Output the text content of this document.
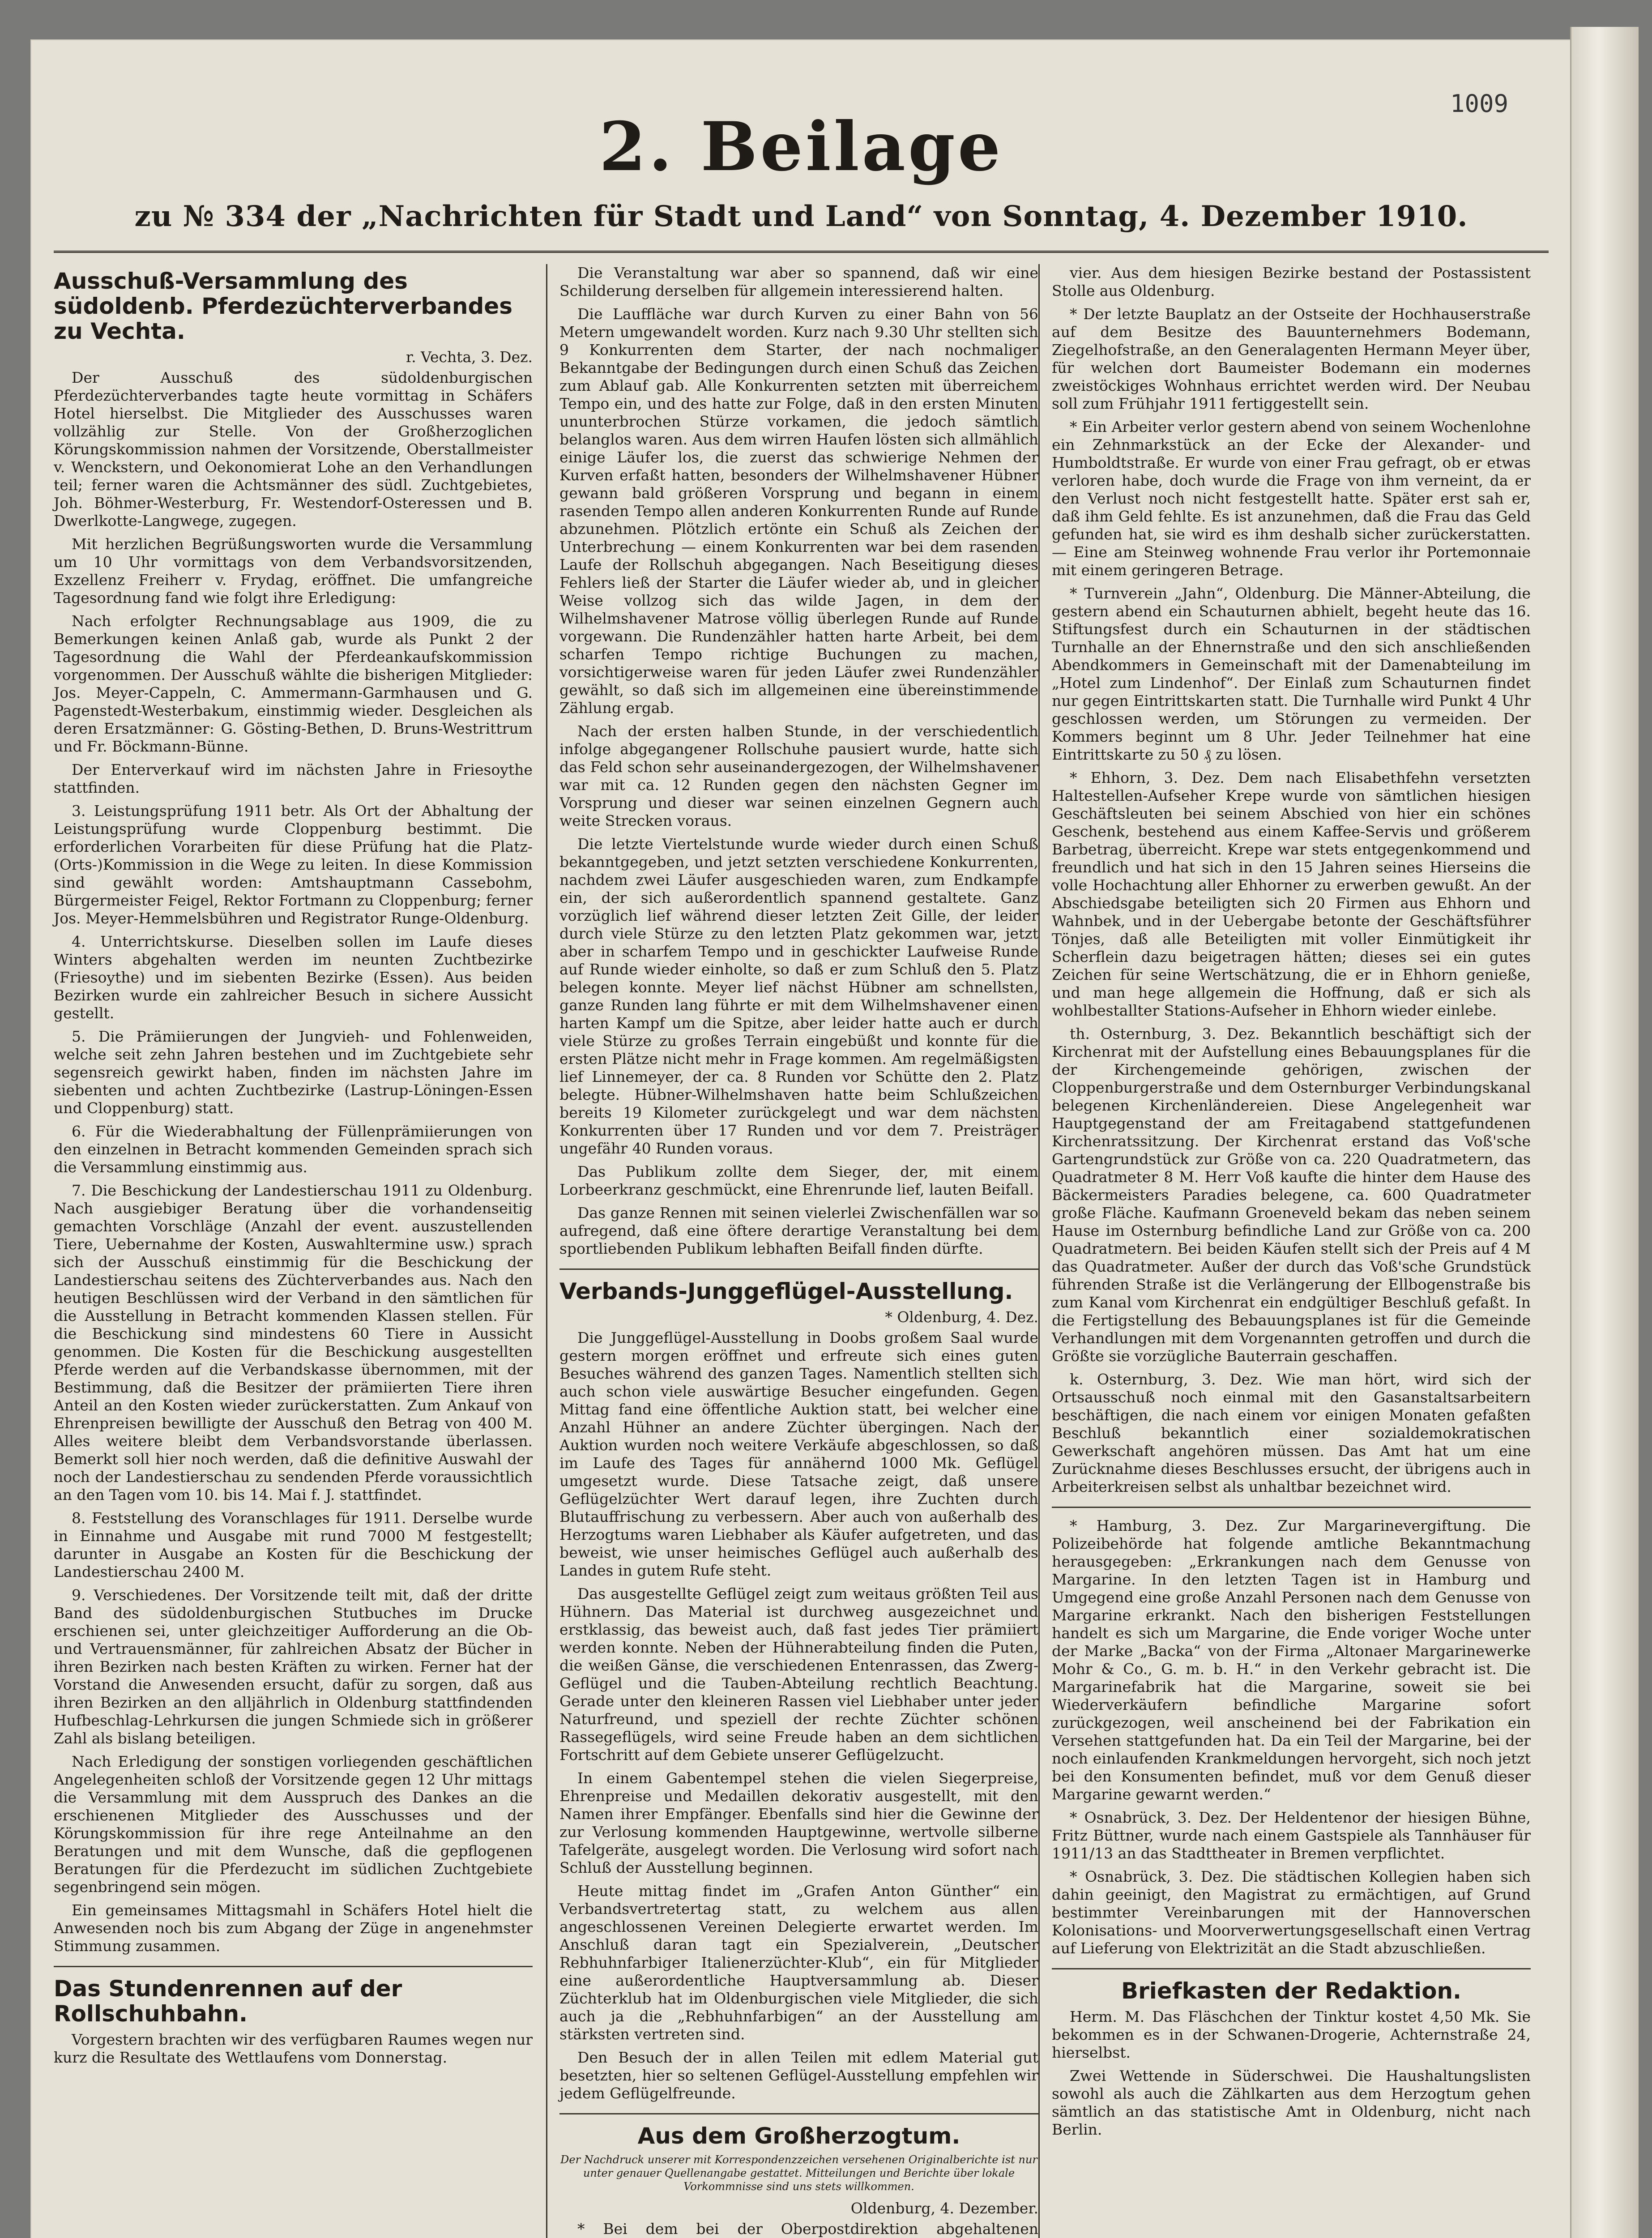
1009
2. Beilage
zu № 334 der „Nachrichten für Stadt und Land“ von Sonntag, 4. Dezember 1910.
Ausschuß-Versammlung des südoldenb. Pferdezüchterverbandes zu Vechta.
r. Vechta, 3. Dez.

Der Ausschuß des südoldenburgischen Pferdezüchterverbandes tagte heute vormittag in Schäfers Hotel hierselbst. Die Mitglieder des Ausschusses waren vollzählig zur Stelle. Von der Großherzoglichen Körungskommission nahmen der Vorsitzende, Oberstallmeister v. Wenckstern, und Oekonomierat Lohe an den Verhandlungen teil; ferner waren die Achtsmänner des südl. Zuchtgebietes, Joh. Böhmer-Westerburg, Fr. Westendorf-Osteressen und B. Dwerlkotte-Langwege, zugegen.

Mit herzlichen Begrüßungsworten wurde die Versammlung um 10 Uhr vormittags von dem Verbandsvorsitzenden, Exzellenz Freiherr v. Frydag, eröffnet. Die umfangreiche Tagesordnung fand wie folgt ihre Erledigung:

Nach erfolgter Rechnungsablage aus 1909, die zu Bemerkungen keinen Anlaß gab, wurde als Punkt 2 der Tagesordnung die Wahl der Pferdeankaufskommission vorgenommen. Der Ausschuß wählte die bisherigen Mitglieder: Jos. Meyer-Cappeln, C. Ammermann-Garmhausen und G. Pagenstedt-Westerbakum, einstimmig wieder. Desgleichen als deren Ersatzmänner: G. Gösting-Bethen, D. Bruns-Westrittrum und Fr. Böckmann-Bünne.

Der Enterverkauf wird im nächsten Jahre in Friesoythe stattfinden.

3. Leistungsprüfung 1911 betr. Als Ort der Abhaltung der Leistungsprüfung wurde Cloppenburg bestimmt. Die erforderlichen Vorarbeiten für diese Prüfung hat die Platz-(Orts-)Kommission in die Wege zu leiten. In diese Kommission sind gewählt worden: Amtshauptmann Cassebohm, Bürgermeister Feigel, Rektor Fortmann zu Cloppenburg; ferner Jos. Meyer-Hemmelsbühren und Registrator Runge-Oldenburg.

4. Unterrichtskurse. Dieselben sollen im Laufe dieses Winters abgehalten werden im neunten Zuchtbezirke (Friesoythe) und im siebenten Bezirke (Essen). Aus beiden Bezirken wurde ein zahlreicher Besuch in sichere Aussicht gestellt.

5. Die Prämiierungen der Jungvieh- und Fohlenweiden, welche seit zehn Jahren bestehen und im Zuchtgebiete sehr segensreich gewirkt haben, finden im nächsten Jahre im siebenten und achten Zuchtbezirke (Lastrup-Löningen-Essen und Cloppenburg) statt.

6. Für die Wiederabhaltung der Füllenprämiierungen von den einzelnen in Betracht kommenden Gemeinden sprach sich die Versammlung einstimmig aus.

7. Die Beschickung der Landestierschau 1911 zu Oldenburg. Nach ausgiebiger Beratung über die vorhandenseitig gemachten Vorschläge (Anzahl der event. auszustellenden Tiere, Uebernahme der Kosten, Auswahltermine usw.) sprach sich der Ausschuß einstimmig für die Beschickung der Landestierschau seitens des Züchterverbandes aus. Nach den heutigen Beschlüssen wird der Verband in den sämtlichen für die Ausstellung in Betracht kommenden Klassen stellen. Für die Beschickung sind mindestens 60 Tiere in Aussicht genommen. Die Kosten für die Beschickung ausgestellten Pferde werden auf die Verbandskasse übernommen, mit der Bestimmung, daß die Besitzer der prämiierten Tiere ihren Anteil an den Kosten wieder zurückerstatten. Zum Ankauf von Ehrenpreisen bewilligte der Ausschuß den Betrag von 400 M. Alles weitere bleibt dem Verbandsvorstande überlassen. Bemerkt soll hier noch werden, daß die definitive Auswahl der noch der Landestierschau zu sendenden Pferde voraussichtlich an den Tagen vom 10. bis 14. Mai f. J. stattfindet.

8. Feststellung des Voranschlages für 1911. Derselbe wurde in Einnahme und Ausgabe mit rund 7000 M festgestellt; darunter in Ausgabe an Kosten für die Beschickung der Landestierschau 2400 M.

9. Verschiedenes. Der Vorsitzende teilt mit, daß der dritte Band des südoldenburgischen Stutbuches im Drucke erschienen sei, unter gleichzeitiger Aufforderung an die Ob- und Vertrauensmänner, für zahlreichen Absatz der Bücher in ihren Bezirken nach besten Kräften zu wirken. Ferner hat der Vorstand die Anwesenden ersucht, dafür zu sorgen, daß aus ihren Bezirken an den alljährlich in Oldenburg stattfindenden Hufbeschlag-Lehrkursen die jungen Schmiede sich in größerer Zahl als bislang beteiligen.

Nach Erledigung der sonstigen vorliegenden geschäftlichen Angelegenheiten schloß der Vorsitzende gegen 12 Uhr mittags die Versammlung mit dem Ausspruch des Dankes an die erschienenen Mitglieder des Ausschusses und der Körungskommission für ihre rege Anteilnahme an den Beratungen und mit dem Wunsche, daß die gepflogenen Beratungen für die Pferdezucht im südlichen Zuchtgebiete segenbringend sein mögen.

Ein gemeinsames Mittagsmahl in Schäfers Hotel hielt die Anwesenden noch bis zum Abgang der Züge in angenehmster Stimmung zusammen.

Das Stundenrennen auf der Rollschuhbahn.

Vorgestern brachten wir des verfügbaren Raumes wegen nur kurz die Resultate des Wettlaufens vom Donnerstag.

Die Veranstaltung war aber so spannend, daß wir eine Schilderung derselben für allgemein interessierend halten.

Die Lauffläche war durch Kurven zu einer Bahn von 56 Metern umgewandelt worden. Kurz nach 9.30 Uhr stellten sich 9 Konkurrenten dem Starter, der nach nochmaliger Bekanntgabe der Bedingungen durch einen Schuß das Zeichen zum Ablauf gab. Alle Konkurrenten setzten mit überreichem Tempo ein, und des hatte zur Folge, daß in den ersten Minuten ununterbrochen Stürze vorkamen, die jedoch sämtlich belanglos waren. Aus dem wirren Haufen lösten sich allmählich einige Läufer los, die zuerst das schwierige Nehmen der Kurven erfaßt hatten, besonders der Wilhelmshavener Hübner gewann bald größeren Vorsprung und begann in einem rasenden Tempo allen anderen Konkurrenten Runde auf Runde abzunehmen. Plötzlich ertönte ein Schuß als Zeichen der Unterbrechung — einem Konkurrenten war bei dem rasenden Laufe der Rollschuh abgegangen. Nach Beseitigung dieses Fehlers ließ der Starter die Läufer wieder ab, und in gleicher Weise vollzog sich das wilde Jagen, in dem der Wilhelmshavener Matrose völlig überlegen Runde auf Runde vorgewann. Die Rundenzähler hatten harte Arbeit, bei dem scharfen Tempo richtige Buchungen zu machen, vorsichtigerweise waren für jeden Läufer zwei Rundenzähler gewählt, so daß sich im allgemeinen eine übereinstimmende Zählung ergab.

Nach der ersten halben Stunde, in der verschiedentlich infolge abgegangener Rollschuhe pausiert wurde, hatte sich das Feld schon sehr auseinandergezogen, der Wilhelmshavener war mit ca. 12 Runden gegen den nächsten Gegner im Vorsprung und dieser war seinen einzelnen Gegnern auch weite Strecken voraus.

Die letzte Viertelstunde wurde wieder durch einen Schuß bekanntgegeben, und jetzt setzten verschiedene Konkurrenten, nachdem zwei Läufer ausgeschieden waren, zum Endkampfe ein, der sich außerordentlich spannend gestaltete. Ganz vorzüglich lief während dieser letzten Zeit Gille, der leider durch viele Stürze zu den letzten Platz gekommen war, jetzt aber in scharfem Tempo und in geschickter Laufweise Runde auf Runde wieder einholte, so daß er zum Schluß den 5. Platz belegen konnte. Meyer lief nächst Hübner am schnellsten, ganze Runden lang führte er mit dem Wilhelmshavener einen harten Kampf um die Spitze, aber leider hatte auch er durch viele Stürze zu großes Terrain eingebüßt und konnte für die ersten Plätze nicht mehr in Frage kommen. Am regelmäßigsten lief Linnemeyer, der ca. 8 Runden vor Schütte den 2. Platz belegte. Hübner-Wilhelmshaven hatte beim Schlußzeichen bereits 19 Kilometer zurückgelegt und war dem nächsten Konkurrenten über 17 Runden und vor dem 7. Preisträger ungefähr 40 Runden voraus.

Das Publikum zollte dem Sieger, der, mit einem Lorbeerkranz geschmückt, eine Ehrenrunde lief, lauten Beifall.

Das ganze Rennen mit seinen vielerlei Zwischenfällen war so aufregend, daß eine öftere derartige Veranstaltung bei dem sportliebenden Publikum lebhaften Beifall finden dürfte.

Verbands-Junggeflügel-Ausstellung.
* Oldenburg, 4. Dez.

Die Junggeflügel-Ausstellung in Doobs großem Saal wurde gestern morgen eröffnet und erfreute sich eines guten Besuches während des ganzen Tages. Namentlich stellten sich auch schon viele auswärtige Besucher eingefunden. Gegen Mittag fand eine öffentliche Auktion statt, bei welcher eine Anzahl Hühner an andere Züchter übergingen. Nach der Auktion wurden noch weitere Verkäufe abgeschlossen, so daß im Laufe des Tages für annähernd 1000 Mk. Geflügel umgesetzt wurde. Diese Tatsache zeigt, daß unsere Geflügelzüchter Wert darauf legen, ihre Zuchten durch Blutauffrischung zu verbessern. Aber auch von außerhalb des Herzogtums waren Liebhaber als Käufer aufgetreten, und das beweist, wie unser heimisches Geflügel auch außerhalb des Landes in gutem Rufe steht.

Das ausgestellte Geflügel zeigt zum weitaus größten Teil aus Hühnern. Das Material ist durchweg ausgezeichnet und erstklassig, das beweist auch, daß fast jedes Tier prämiiert werden konnte. Neben der Hühnerabteilung finden die Puten, die weißen Gänse, die verschiedenen Entenrassen, das Zwerg-Geflügel und die Tauben-Abteilung rechtlich Beachtung. Gerade unter den kleineren Rassen viel Liebhaber unter jeder Naturfreund, und speziell der rechte Züchter schönen Rassegeflügels, wird seine Freude haben an dem sichtlichen Fortschritt auf dem Gebiete unserer Geflügelzucht.

In einem Gabentempel stehen die vielen Siegerpreise, Ehrenpreise und Medaillen dekorativ ausgestellt, mit den Namen ihrer Empfänger. Ebenfalls sind hier die Gewinne der zur Verlosung kommenden Hauptgewinne, wertvolle silberne Tafelgeräte, ausgelegt worden. Die Verlosung wird sofort nach Schluß der Ausstellung beginnen.

Heute mittag findet im „Grafen Anton Günther“ ein Verbandsvertretertag statt, zu welchem aus allen angeschlossenen Vereinen Delegierte erwartet werden. Im Anschluß daran tagt ein Spezialverein, „Deutscher Rebhuhnfarbiger Italienerzüchter-Klub“, ein für Mitglieder eine außerordentliche Hauptversammlung ab. Dieser Züchterklub hat im Oldenburgischen viele Mitglieder, die sich auch ja die „Rebhuhnfarbigen“ an der Ausstellung am stärksten vertreten sind.

Den Besuch der in allen Teilen mit edlem Material gut besetzten, hier so seltenen Geflügel-Ausstellung empfehlen wir jedem Geflügelfreunde.

Aus dem Großherzogtum.

Der Nachdruck unserer mit Korrespondenzzeichen versehenen Originalberichte ist nur unter genauer Quellenangabe gestattet. Mitteilungen und Berichte über lokale Vorkommnisse sind uns stets willkommen.

Oldenburg, 4. Dezember.

* Bei dem bei der Oberpostdirektion abgehaltenen

vier. Aus dem hiesigen Bezirke bestand der Postassistent Stolle aus Oldenburg.

* Der letzte Bauplatz an der Ostseite der Hochhauserstraße auf dem Besitze des Bauunternehmers Bodemann, Ziegelhofstraße, an den Generalagenten Hermann Meyer über, für welchen dort Baumeister Bodemann ein modernes zweistöckiges Wohnhaus errichtet werden wird. Der Neubau soll zum Frühjahr 1911 fertiggestellt sein.

* Ein Arbeiter verlor gestern abend von seinem Wochenlohne ein Zehnmarkstück an der Ecke der Alexander- und Humboldtstraße. Er wurde von einer Frau gefragt, ob er etwas verloren habe, doch wurde die Frage von ihm verneint, da er den Verlust noch nicht festgestellt hatte. Später erst sah er, daß ihm Geld fehlte. Es ist anzunehmen, daß die Frau das Geld gefunden hat, sie wird es ihm deshalb sicher zurückerstatten. — Eine am Steinweg wohnende Frau verlor ihr Portemonnaie mit einem geringeren Betrage.

* Turnverein „Jahn“, Oldenburg. Die Männer-Abteilung, die gestern abend ein Schauturnen abhielt, begeht heute das 16. Stiftungsfest durch ein Schauturnen in der städtischen Turnhalle an der Ehnernstraße und den sich anschließenden Abendkommers in Gemeinschaft mit der Damenabteilung im „Hotel zum Lindenhof“. Der Einlaß zum Schauturnen findet nur gegen Eintrittskarten statt. Die Turnhalle wird Punkt 4 Uhr geschlossen werden, um Störungen zu vermeiden. Der Kommers beginnt um 8 Uhr. Jeder Teilnehmer hat eine Eintrittskarte zu 50 ₰ zu lösen.

* Ehhorn, 3. Dez. Dem nach Elisabethfehn versetzten Haltestellen-Aufseher Krepe wurde von sämtlichen hiesigen Geschäftsleuten bei seinem Abschied von hier ein schönes Geschenk, bestehend aus einem Kaffee-Servis und größerem Barbetrag, überreicht. Krepe war stets entgegenkommend und freundlich und hat sich in den 15 Jahren seines Hierseins die volle Hochachtung aller Ehhorner zu erwerben gewußt. An der Abschiedsgabe beteiligten sich 20 Firmen aus Ehhorn und Wahnbek, und in der Uebergabe betonte der Geschäftsführer Tönjes, daß alle Beteiligten mit voller Einmütigkeit ihr Scherflein dazu beigetragen hätten; dieses sei ein gutes Zeichen für seine Wertschätzung, die er in Ehhorn genieße, und man hege allgemein die Hoffnung, daß er sich als wohlbestallter Stations-Aufseher in Ehhorn wieder einlebe.

th. Osternburg, 3. Dez. Bekanntlich beschäftigt sich der Kirchenrat mit der Aufstellung eines Bebauungsplanes für die der Kirchengemeinde gehörigen, zwischen der Cloppenburgerstraße und dem Osternburger Verbindungskanal belegenen Kirchenländereien. Diese Angelegenheit war Hauptgegenstand der am Freitagabend stattgefundenen Kirchenratssitzung. Der Kirchenrat erstand das Voß'sche Gartengrundstück zur Größe von ca. 220 Quadratmetern, das Quadratmeter 8 M. Herr Voß kaufte die hinter dem Hause des Bäckermeisters Paradies belegene, ca. 600 Quadratmeter große Fläche. Kaufmann Groeneveld bekam das neben seinem Hause im Osternburg befindliche Land zur Größe von ca. 200 Quadratmetern. Bei beiden Käufen stellt sich der Preis auf 4 M das Quadratmeter. Außer der durch das Voß'sche Grundstück führenden Straße ist die Verlängerung der Ellbogenstraße bis zum Kanal vom Kirchenrat ein endgültiger Beschluß gefaßt. In die Fertigstellung des Bebauungsplanes ist für die Gemeinde Verhandlungen mit dem Vorgenannten getroffen und durch die Größte sie vorzügliche Bauterrain geschaffen.

k. Osternburg, 3. Dez. Wie man hört, wird sich der Ortsausschuß noch einmal mit den Gasanstaltsarbeitern beschäftigen, die nach einem vor einigen Monaten gefaßten Beschluß bekanntlich einer sozialdemokratischen Gewerkschaft angehören müssen. Das Amt hat um eine Zurücknahme dieses Beschlusses ersucht, der übrigens auch in Arbeiterkreisen selbst als unhaltbar bezeichnet wird.

* Hamburg, 3. Dez. Zur Margarinevergiftung. Die Polizeibehörde hat folgende amtliche Bekanntmachung herausgegeben: „Erkrankungen nach dem Genusse von Margarine. In den letzten Tagen ist in Hamburg und Umgegend eine große Anzahl Personen nach dem Genusse von Margarine erkrankt. Nach den bisherigen Feststellungen handelt es sich um Margarine, die Ende voriger Woche unter der Marke „Backa“ von der Firma „Altonaer Margarinewerke Mohr & Co., G. m. b. H.“ in den Verkehr gebracht ist. Die Margarinefabrik hat die Margarine, soweit sie bei Wiederverkäufern befindliche Margarine sofort zurückgezogen, weil anscheinend bei der Fabrikation ein Versehen stattgefunden hat. Da ein Teil der Margarine, bei der noch einlaufenden Krankmeldungen hervorgeht, sich noch jetzt bei den Konsumenten befindet, muß vor dem Genuß dieser Margarine gewarnt werden.“

* Osnabrück, 3. Dez. Der Heldentenor der hiesigen Bühne, Fritz Büttner, wurde nach einem Gastspiele als Tannhäuser für 1911/13 an das Stadttheater in Bremen verpflichtet.

* Osnabrück, 3. Dez. Die städtischen Kollegien haben sich dahin geeinigt, den Magistrat zu ermächtigen, auf Grund bestimmter Vereinbarungen mit der Hannoverschen Kolonisations- und Moorverwertungsgesellschaft einen Vertrag auf Lieferung von Elektrizität an die Stadt abzuschließen.

Briefkasten der Redaktion.

Herm. M. Das Fläschchen der Tinktur kostet 4,50 Mk. Sie bekommen es in der Schwanen-Drogerie, Achternstraße 24, hierselbst.

Zwei Wettende in Süderschwei. Die Haushaltungslisten sowohl als auch die Zählkarten aus dem Herzogtum gehen sämtlich an das statistische Amt in Oldenburg, nicht nach Berlin.
